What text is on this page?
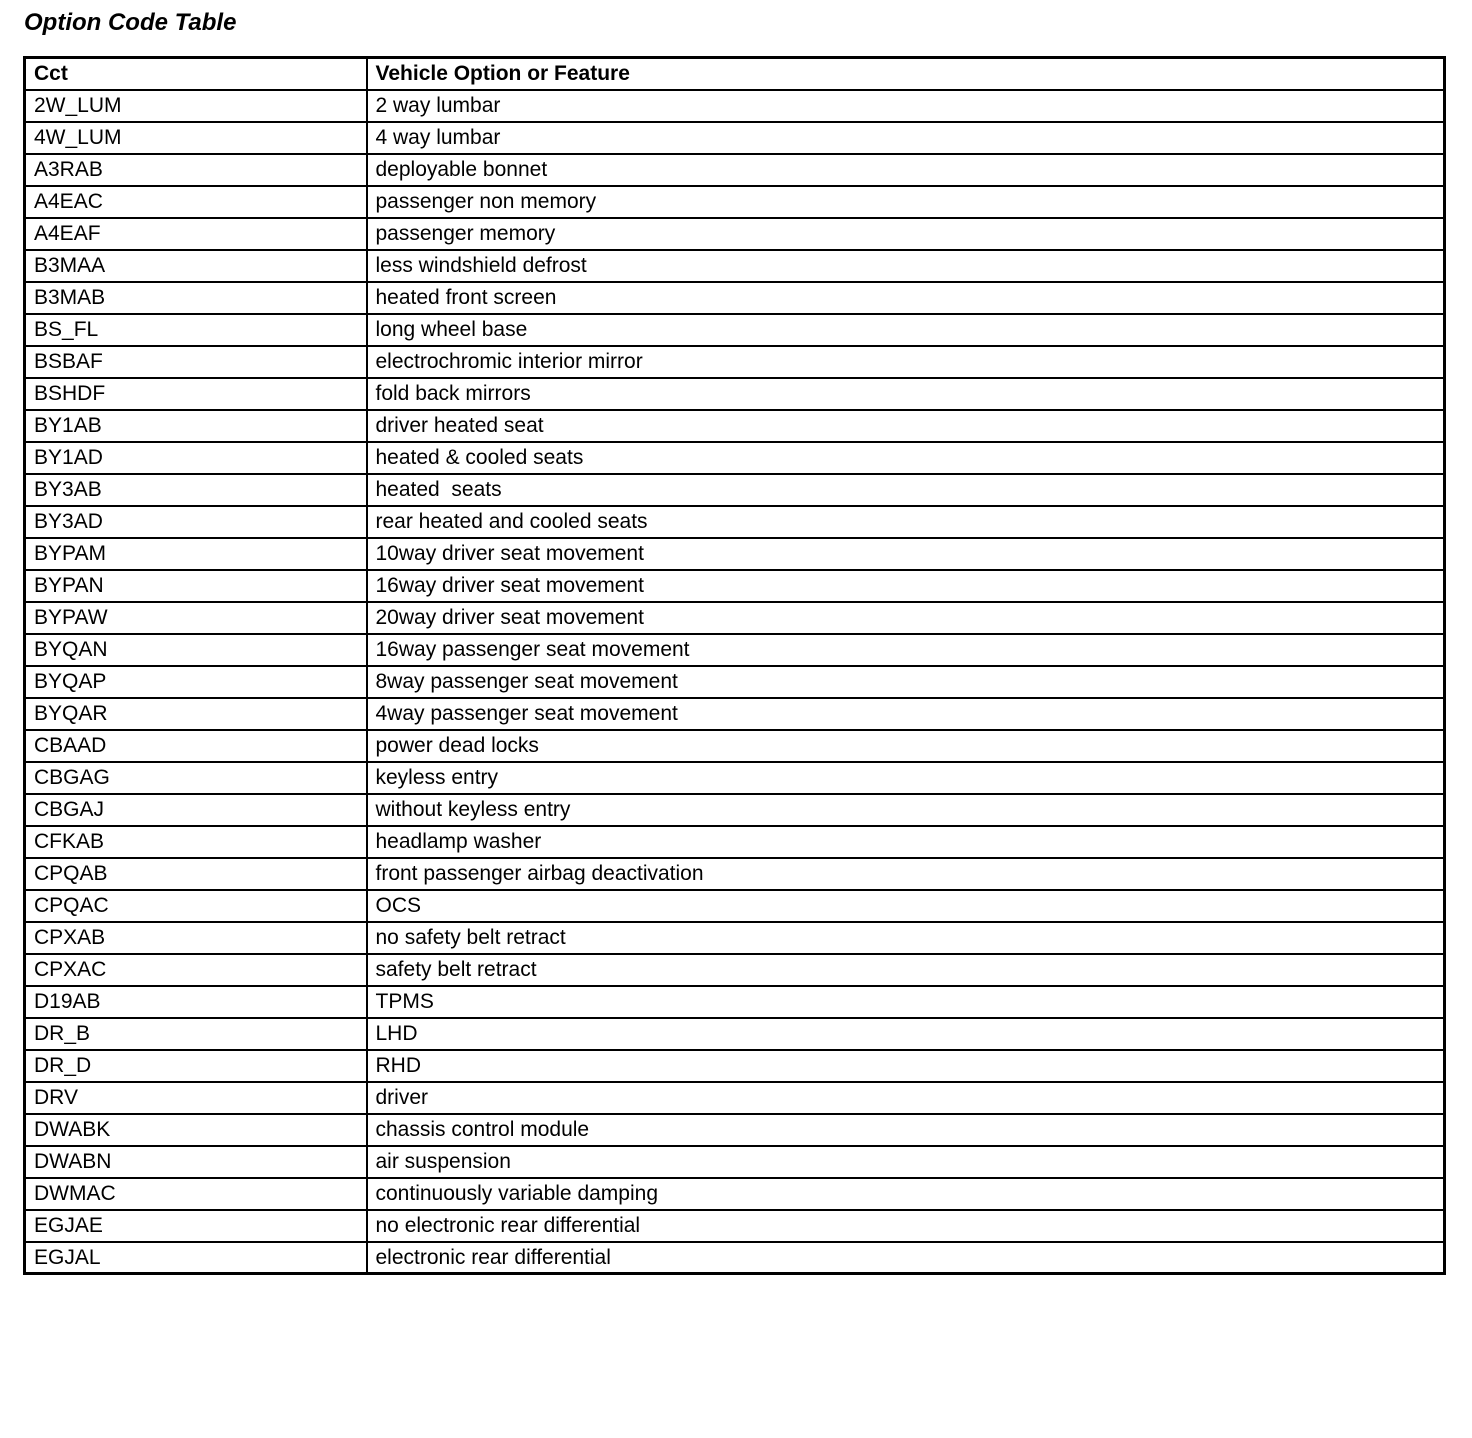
Option Code Table
Cct	Vehicle Option or Feature
2W_LUM	2 way lumbar
4W_LUM	4 way lumbar
A3RAB	deployable bonnet
A4EAC	passenger non memory
A4EAF	passenger memory
B3MAA	less windshield defrost
B3MAB	heated front screen
BS_FL	long wheel base
BSBAF	electrochromic interior mirror
BSHDF	fold back mirrors
BY1AB	driver heated seat
BY1AD	heated & cooled seats
BY3AB	heated  seats
BY3AD	rear heated and cooled seats
BYPAM	10way driver seat movement
BYPAN	16way driver seat movement
BYPAW	20way driver seat movement
BYQAN	16way passenger seat movement
BYQAP	8way passenger seat movement
BYQAR	4way passenger seat movement
CBAAD	power dead locks
CBGAG	keyless entry
CBGAJ	without keyless entry
CFKAB	headlamp washer
CPQAB	front passenger airbag deactivation
CPQAC	OCS
CPXAB	no safety belt retract
CPXAC	safety belt retract
D19AB	TPMS
DR_B	LHD
DR_D	RHD
DRV	driver
DWABK	chassis control module
DWABN	air suspension
DWMAC	continuously variable damping
EGJAE	no electronic rear differential
EGJAL	electronic rear differential
